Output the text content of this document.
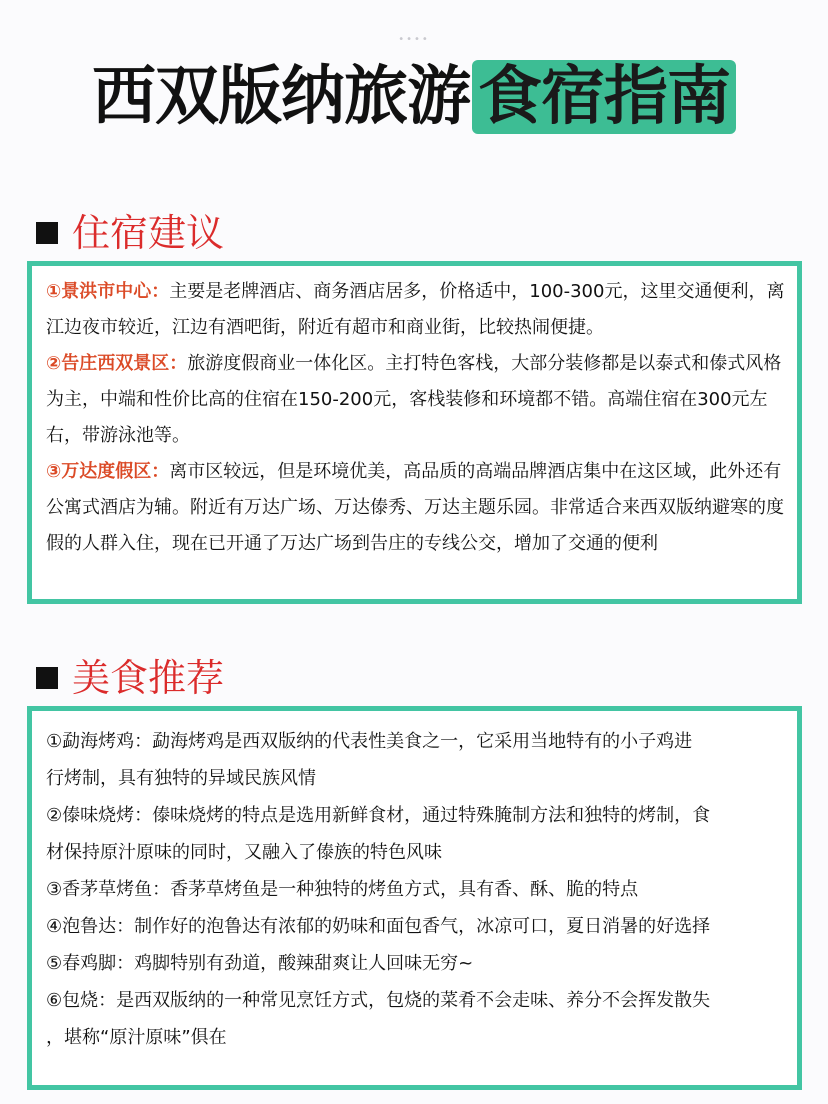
••••
西双版纳旅游 食宿指南
住宿建议

①景洪市中心：主要是老牌酒店、商务酒店居多，价格适中，100-300元，这里交通便利，离江边夜市较近，江边有酒吧街，附近有超市和商业街，比较热闹便捷。

②告庄西双景区：旅游度假商业一体化区。主打特色客栈，大部分装修都是以泰式和傣式风格为主，中端和性价比高的住宿在150-200元，客栈装修和环境都不错。高端住宿在300元左右，带游泳池等。

③万达度假区：离市区较远，但是环境优美，高品质的高端品牌酒店集中在这区域，此外还有公寓式酒店为辅。附近有万达广场、万达傣秀、万达主题乐园。非常适合来西双版纳避寒的度假的人群入住，现在已开通了万达广场到告庄的专线公交，增加了交通的便利

美食推荐

①勐海烤鸡：勐海烤鸡是西双版纳的代表性美食之一，它采用当地特有的小子鸡进

行烤制，具有独特的异域民族风情

②傣味烧烤：傣味烧烤的特点是选用新鲜食材，通过特殊腌制方法和独特的烤制，食

材保持原汁原味的同时，又融入了傣族的特色风味

③香茅草烤鱼：香茅草烤鱼是一种独特的烤鱼方式，具有香、酥、脆的特点

④泡鲁达：制作好的泡鲁达有浓郁的奶味和面包香气，冰凉可口，夏日消暑的好选择

⑤春鸡脚：鸡脚特别有劲道，酸辣甜爽让人回味无穷~

⑥包烧：是西双版纳的一种常见烹饪方式，包烧的菜肴不会走味、养分不会挥发散失

，堪称“原汁原味”俱在
